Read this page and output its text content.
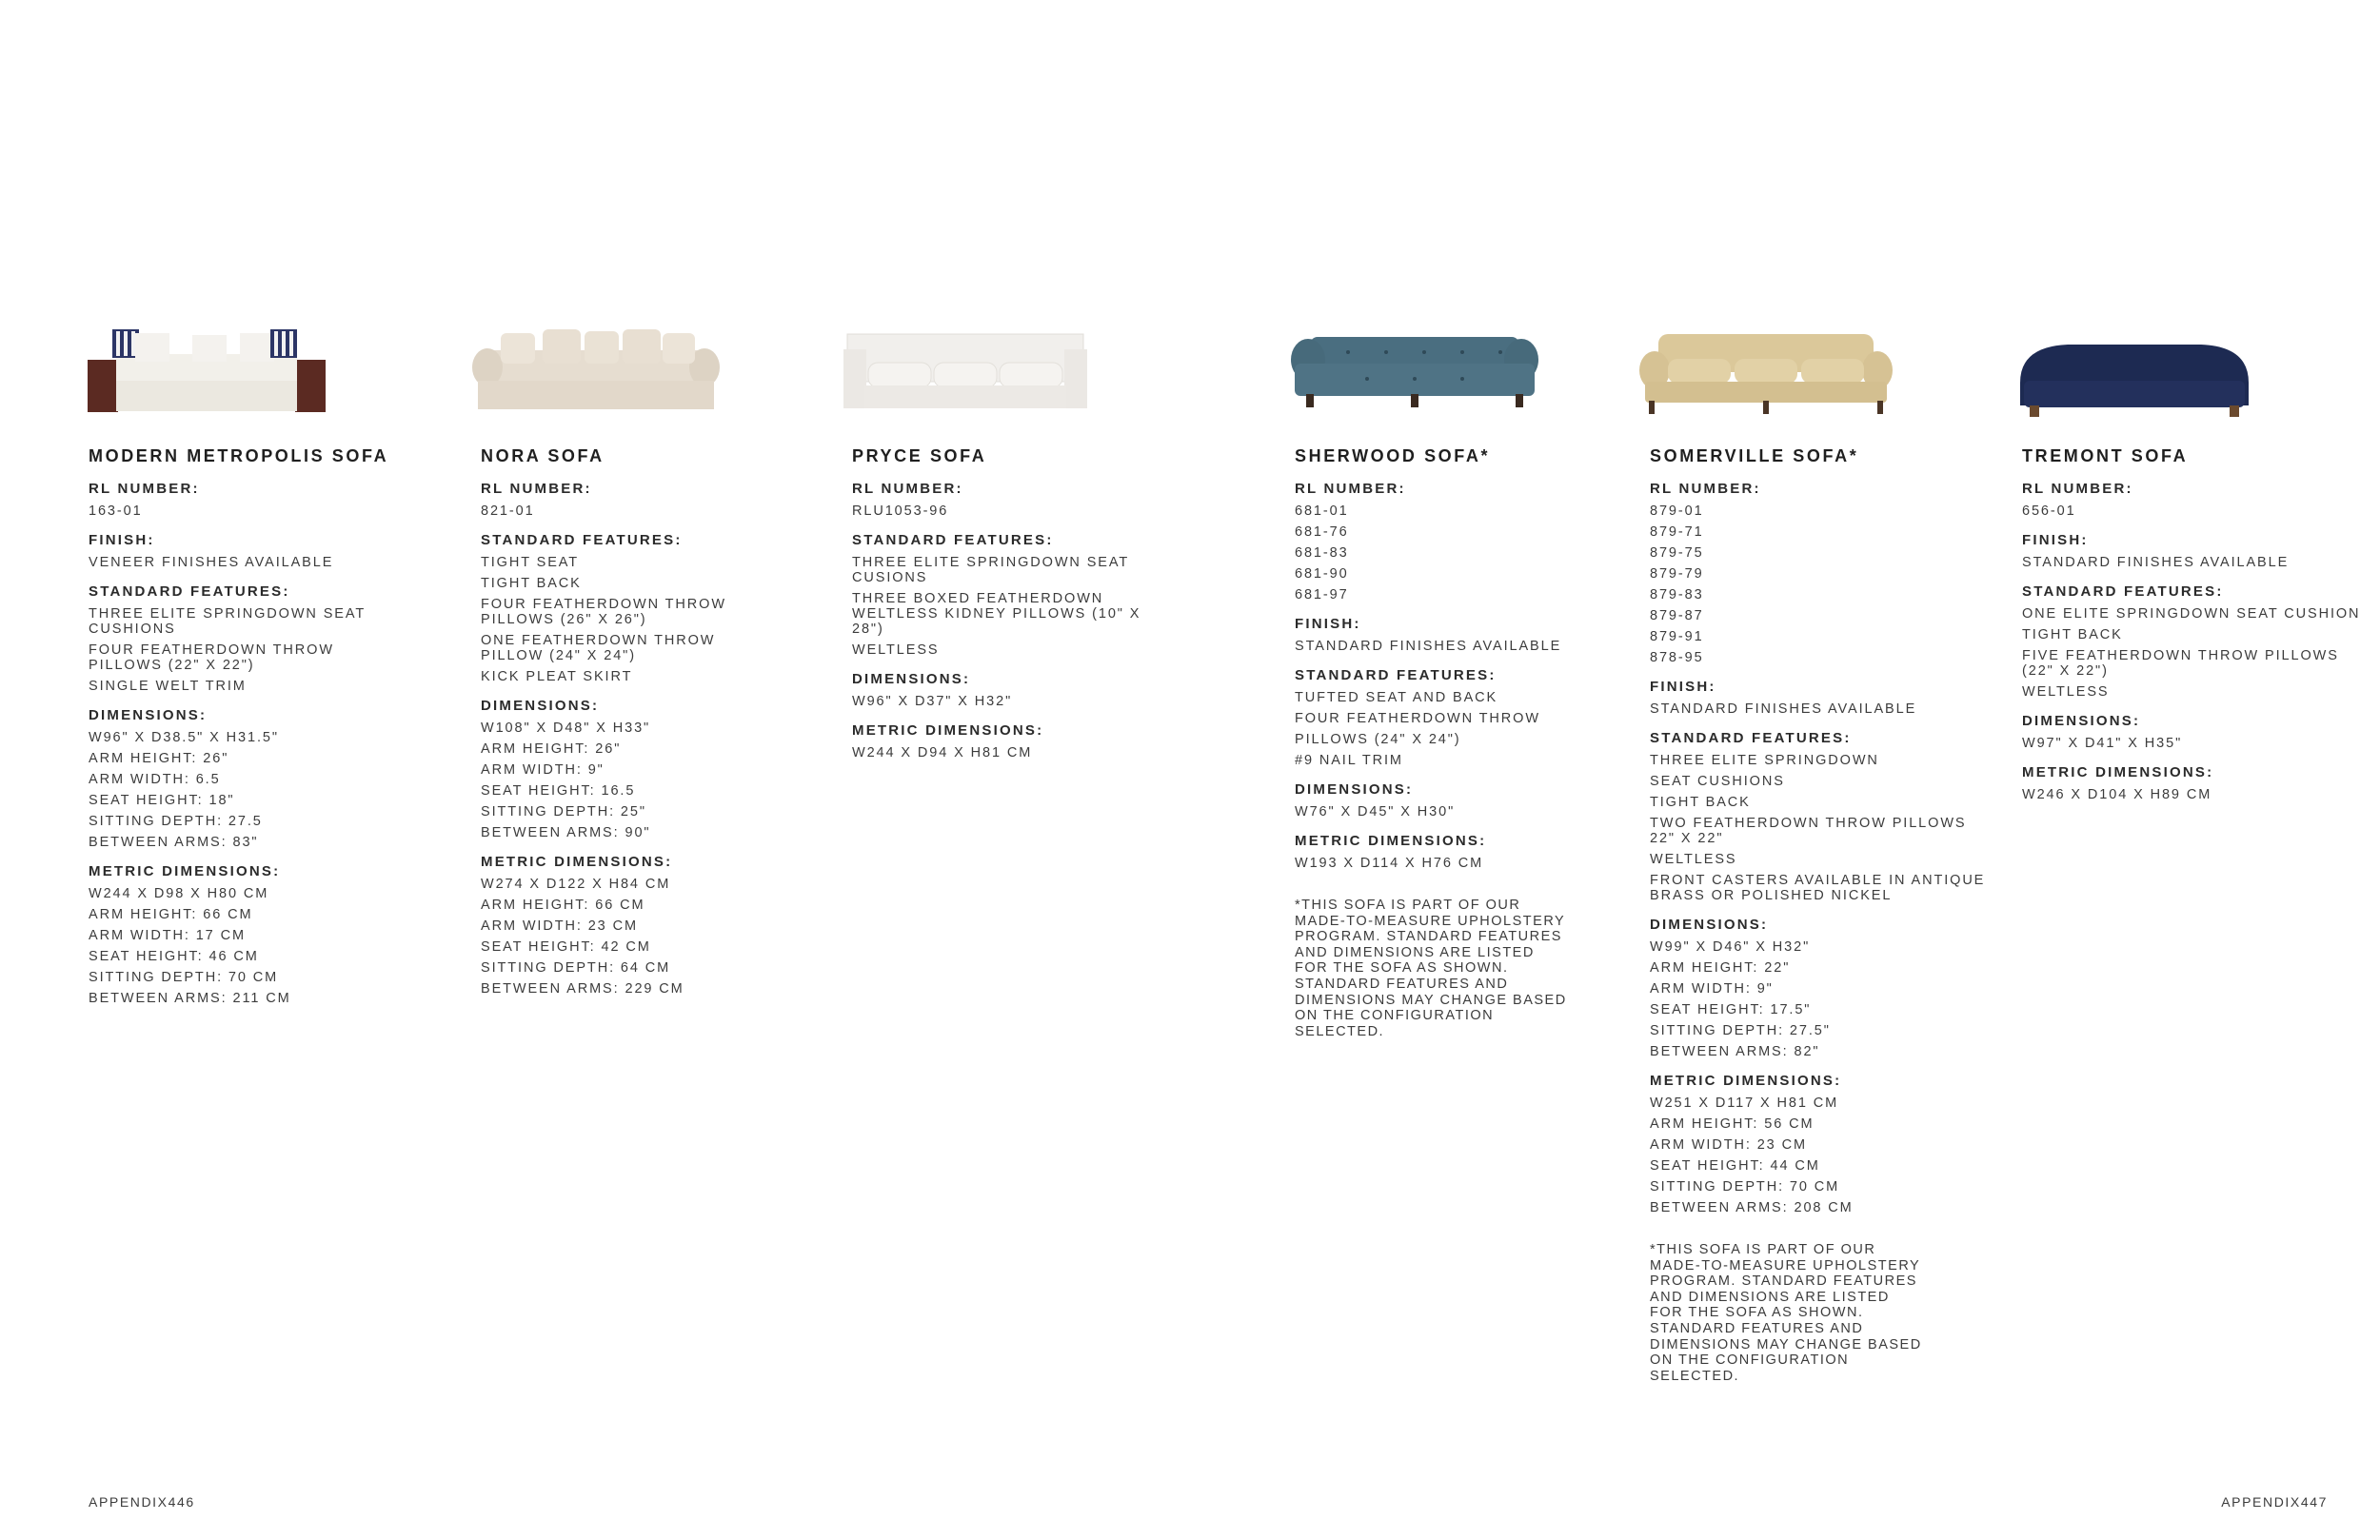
MODERN METROPOLIS SOFA
RL NUMBER:
163-01
FINISH:
VENEER FINISHES AVAILABLE
STANDARD FEATURES:
THREE ELITE SPRINGDOWN SEAT CUSHIONS
FOUR FEATHERDOWN THROW PILLOWS (22" X 22")
SINGLE WELT TRIM
DIMENSIONS:
W96" X D38.5" X H31.5"
ARM HEIGHT: 26"
ARM WIDTH: 6.5
SEAT HEIGHT: 18"
SITTING DEPTH: 27.5
BETWEEN ARMS: 83"
METRIC DIMENSIONS:
W244 X D98 X H80 CM
ARM HEIGHT: 66 CM
ARM WIDTH: 17 CM
SEAT HEIGHT: 46 CM
SITTING DEPTH: 70 CM
BETWEEN ARMS: 211 CM
NORA SOFA
RL NUMBER:
821-01
STANDARD FEATURES:
TIGHT SEAT
TIGHT BACK
FOUR FEATHERDOWN THROW PILLOWS (26" X 26")
ONE FEATHERDOWN THROW PILLOW (24" X 24")
KICK PLEAT SKIRT
DIMENSIONS:
W108" X D48" X H33"
ARM HEIGHT: 26"
ARM WIDTH: 9"
SEAT HEIGHT: 16.5
SITTING DEPTH: 25"
BETWEEN ARMS: 90"
METRIC DIMENSIONS:
W274 X D122 X H84 CM
ARM HEIGHT: 66 CM
ARM WIDTH: 23 CM
SEAT HEIGHT: 42 CM
SITTING DEPTH: 64 CM
BETWEEN ARMS: 229 CM
PRYCE SOFA
RL NUMBER:
RLU1053-96
STANDARD FEATURES:
THREE ELITE SPRINGDOWN SEAT CUSIONS
THREE BOXED FEATHERDOWN WELTLESS KIDNEY PILLOWS (10" X 28")
WELTLESS
DIMENSIONS:
W96" X D37" X H32"
METRIC DIMENSIONS:
W244 X D94 X H81 CM
SHERWOOD SOFA*
RL NUMBER:
681-01
681-76
681-83
681-90
681-97
FINISH:
STANDARD FINISHES AVAILABLE
STANDARD FEATURES:
TUFTED SEAT AND BACK
FOUR FEATHERDOWN THROW
PILLOWS (24" X 24")
#9 NAIL TRIM
DIMENSIONS:
W76" X D45" X H30"
METRIC DIMENSIONS:
W193 X D114 X H76 CM
*THIS SOFA IS PART OF OUR MADE-TO-MEASURE UPHOLSTERY PROGRAM. STANDARD FEATURES AND DIMENSIONS ARE LISTED FOR THE SOFA AS SHOWN. STANDARD FEATURES AND DIMENSIONS MAY CHANGE BASED ON THE CONFIGURATION SELECTED.
SOMERVILLE SOFA*
RL NUMBER:
879-01
879-71
879-75
879-79
879-83
879-87
879-91
878-95
FINISH:
STANDARD FINISHES AVAILABLE
STANDARD FEATURES:
THREE ELITE SPRINGDOWN
SEAT CUSHIONS
TIGHT BACK
TWO FEATHERDOWN THROW PILLOWS 22" X 22"
WELTLESS
FRONT CASTERS AVAILABLE IN ANTIQUE BRASS OR POLISHED NICKEL
DIMENSIONS:
W99" X D46" X H32"
ARM HEIGHT: 22"
ARM WIDTH: 9"
SEAT HEIGHT: 17.5"
SITTING DEPTH: 27.5"
BETWEEN ARMS: 82"
METRIC DIMENSIONS:
W251 X D117 X H81 CM
ARM HEIGHT: 56 CM
ARM WIDTH: 23 CM
SEAT HEIGHT: 44 CM
SITTING DEPTH: 70 CM
BETWEEN ARMS: 208 CM
*THIS SOFA IS PART OF OUR MADE-TO-MEASURE UPHOLSTERY PROGRAM. STANDARD FEATURES AND DIMENSIONS ARE LISTED FOR THE SOFA AS SHOWN. STANDARD FEATURES AND DIMENSIONS MAY CHANGE BASED ON THE CONFIGURATION SELECTED.
TREMONT SOFA
RL NUMBER:
656-01
FINISH:
STANDARD FINISHES AVAILABLE
STANDARD FEATURES:
ONE ELITE SPRINGDOWN SEAT CUSHION
TIGHT BACK
FIVE FEATHERDOWN THROW PILLOWS (22" X 22")
WELTLESS
DIMENSIONS:
W97" X D41" X H35"
METRIC DIMENSIONS:
W246 X D104 X H89 CM
APPENDIX446	APPENDIX447
